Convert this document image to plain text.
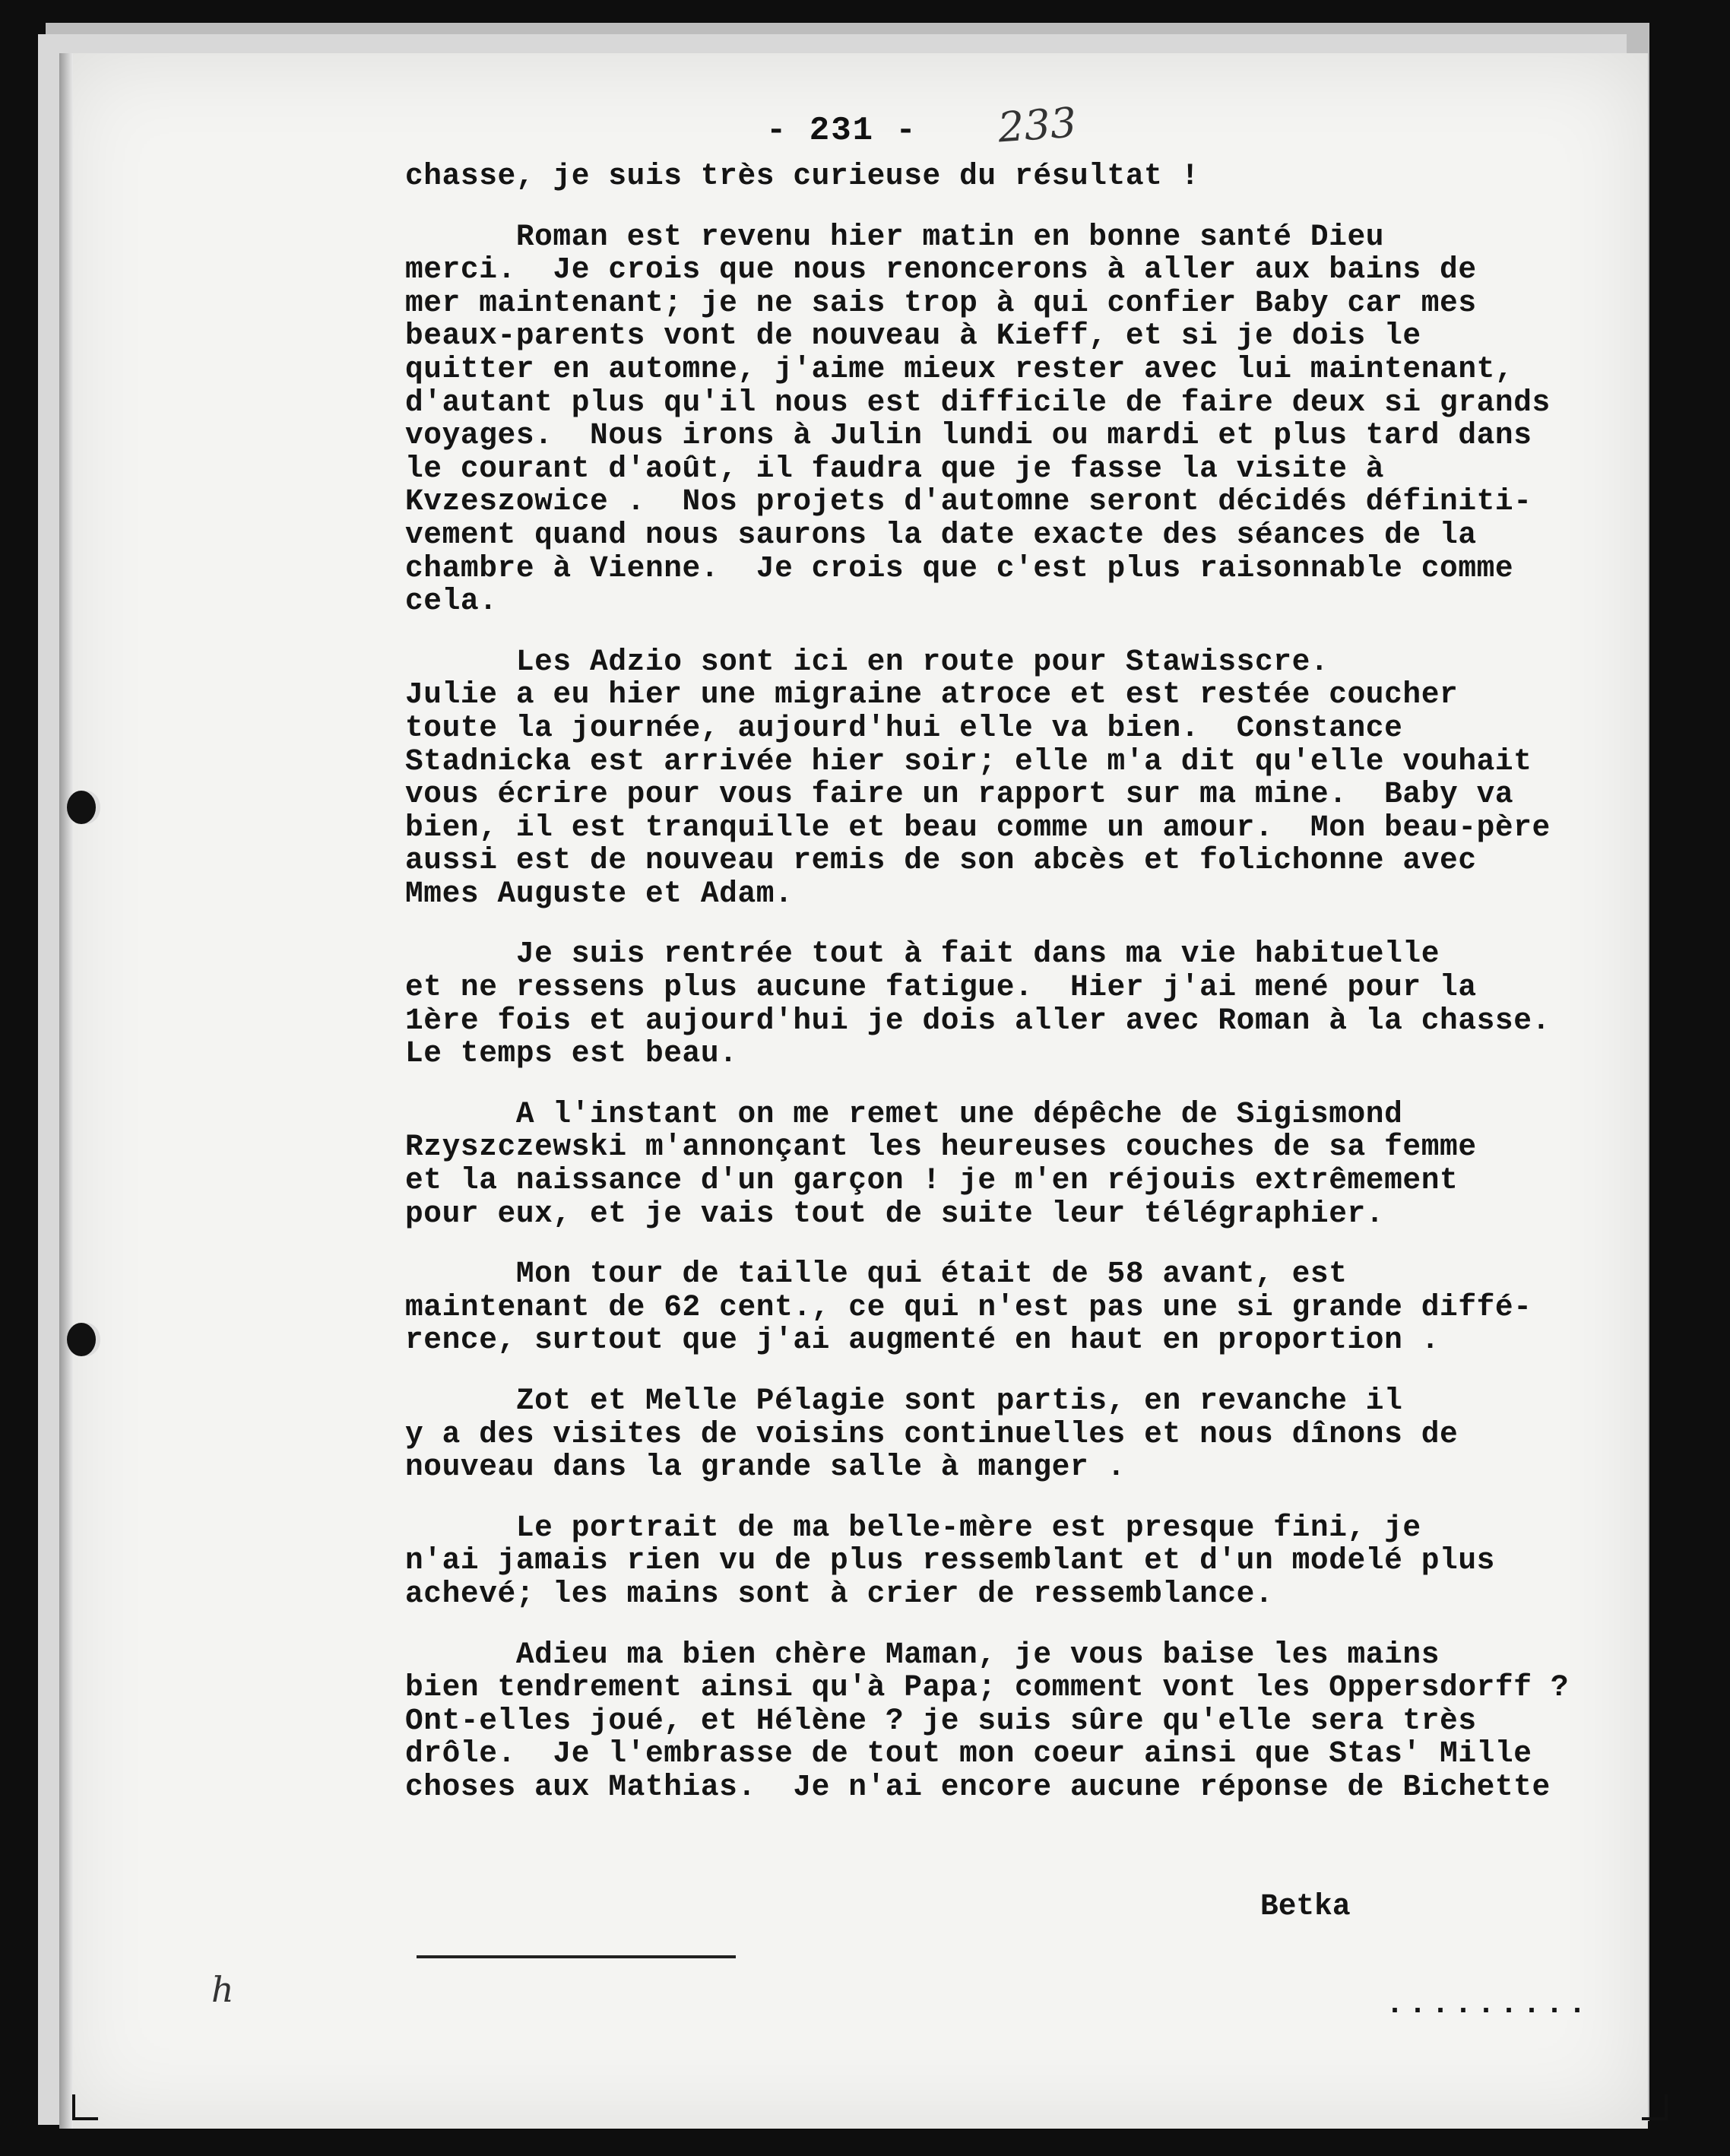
- 231 - 233
chasse, je suis très curieuse du résultat !
Roman est revenu hier matin en bonne santé Dieu
merci.  Je crois que nous renoncerons à aller aux bains de
mer maintenant; je ne sais trop à qui confier Baby car mes
beaux-parents vont de nouveau à Kieff, et si je dois le
quitter en automne, j'aime mieux rester avec lui maintenant,
d'autant plus qu'il nous est difficile de faire deux si grands
voyages.  Nous irons à Julin lundi ou mardi et plus tard dans
le courant d'août, il faudra que je fasse la visite à
Kvzeszowice .  Nos projets d'automne seront décidés définiti-
vement quand nous saurons la date exacte des séances de la
chambre à Vienne.  Je crois que c'est plus raisonnable comme
cela.
Les Adzio sont ici en route pour Stawisscre.
Julie a eu hier une migraine atroce et est restée coucher
toute la journée, aujourd'hui elle va bien.  Constance
Stadnicka est arrivée hier soir; elle m'a dit qu'elle vouhait
vous écrire pour vous faire un rapport sur ma mine.  Baby va
bien, il est tranquille et beau comme un amour.  Mon beau-père
aussi est de nouveau remis de son abcès et folichonne avec
Mmes Auguste et Adam.
Je suis rentrée tout à fait dans ma vie habituelle
et ne ressens plus aucune fatigue.  Hier j'ai mené pour la
1ère fois et aujourd'hui je dois aller avec Roman à la chasse.
Le temps est beau.
A l'instant on me remet une dépêche de Sigismond
Rzyszczewski m'annonçant les heureuses couches de sa femme
et la naissance d'un garçon ! je m'en réjouis extrêmement
pour eux, et je vais tout de suite leur télégraphier.
Mon tour de taille qui était de 58 avant, est
maintenant de 62 cent., ce qui n'est pas une si grande diffé-
rence, surtout que j'ai augmenté en haut en proportion .
Zot et Melle Pélagie sont partis, en revanche il
y a des visites de voisins continuelles et nous dînons de
nouveau dans la grande salle à manger .
Le portrait de ma belle-mère est presque fini, je
n'ai jamais rien vu de plus ressemblant et d'un modelé plus
achevé; les mains sont à crier de ressemblance.
Adieu ma bien chère Maman, je vous baise les mains
bien tendrement ainsi qu'à Papa; comment vont les Oppersdorff ?
Ont-elles joué, et Hélène ? je suis sûre qu'elle sera très
drôle.  Je l'embrasse de tout mon coeur ainsi que Stas' Mille
choses aux Mathias.  Je n'ai encore aucune réponse de Bichette
Betka
.........
h
